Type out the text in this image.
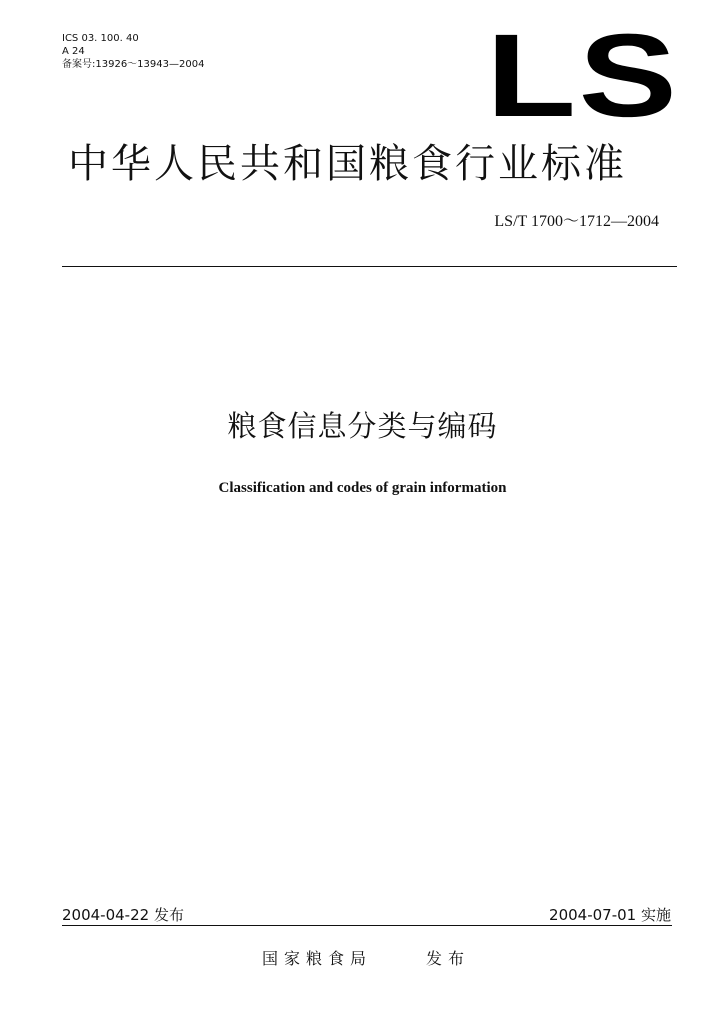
ICS 03. 100. 40
A 24
备案号:13926～13943—2004 LS
中华人民共和国粮食行业标准
LS/T 1700～1712—2004
粮食信息分类与编码
Classification and codes of grain information
2004-04-22 发布	2004-07-01 实施
国家粮食局	发布
